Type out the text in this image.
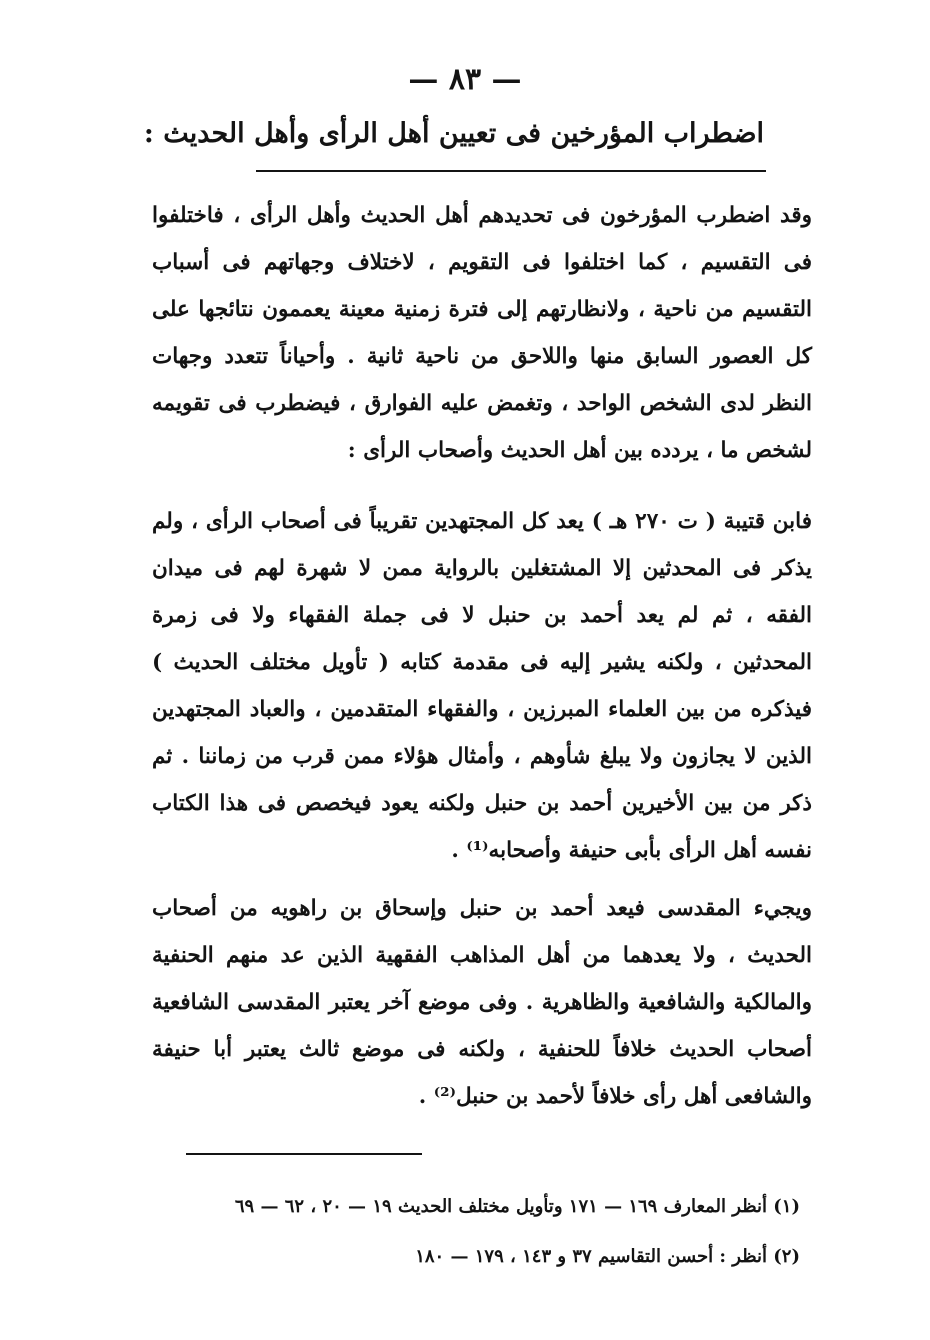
— ٨٣ —
اضطراب المؤرخين فى تعيين أهل الرأى وأهل الحديث :

وقد اضطرب المؤرخون فى تحديدهم أهل الحديث وأهل الرأى ، فاختلفوا فى التقسيم ، كما اختلفوا فى التقويم ، لاختلاف وجهاتهم فى أسباب التقسيم من ناحية ، ولانظارتهم إلى فترة زمنية معينة يعممون نتائجها على كل العصور السابق منها واللاحق من ناحية ثانية . وأحياناً تتعدد وجهات النظر لدى الشخص الواحد ، وتغمض عليه الفوارق ، فيضطرب فى تقويمه لشخص ما ، يردده بين أهل الحديث وأصحاب الرأى :

فابن قتيبة ( ت ٢٧٠ هـ ) يعد كل المجتهدين تقريباً فى أصحاب الرأى ، ولم يذكر فى المحدثين إلا المشتغلين بالرواية ممن لا شهرة لهم فى ميدان الفقه ، ثم لم يعد أحمد بن حنبل لا فى جملة الفقهاء ولا فى زمرة المحدثين ، ولكنه يشير إليه فى مقدمة كتابه ( تأويل مختلف الحديث ) فيذكره من بين العلماء المبرزين ، والفقهاء المتقدمين ، والعباد المجتهدين الذين لا يجازون ولا يبلغ شأوهم ، وأمثال هؤلاء ممن قرب من زماننا . ثم ذكر من بين الأخيرين أحمد بن حنبل ولكنه يعود فيخصص فى هذا الكتاب نفسه أهل الرأى بأبى حنيفة وأصحابه⁽¹⁾ .

ويجيء المقدسى فيعد أحمد بن حنبل وإسحاق بن راهويه من أصحاب الحديث ، ولا يعدهما من أهل المذاهب الفقهية الذين عد منهم الحنفية والمالكية والشافعية والظاهرية . وفى موضع آخر يعتبر المقدسى الشافعية أصحاب الحديث خلافاً للحنفية ، ولكنه فى موضع ثالث يعتبر أبا حنيفة والشافعى أهل رأى خلافاً لأحمد بن حنبل⁽²⁾ .

(١) أنظر المعارف ١٦٩ — ١٧١ وتأويل مختلف الحديث ١٩ — ٢٠ ، ٦٢ — ٦٩
(٢) أنظر : أحسن التقاسيم ٣٧ و ١٤٣ ، ١٧٩ — ١٨٠
